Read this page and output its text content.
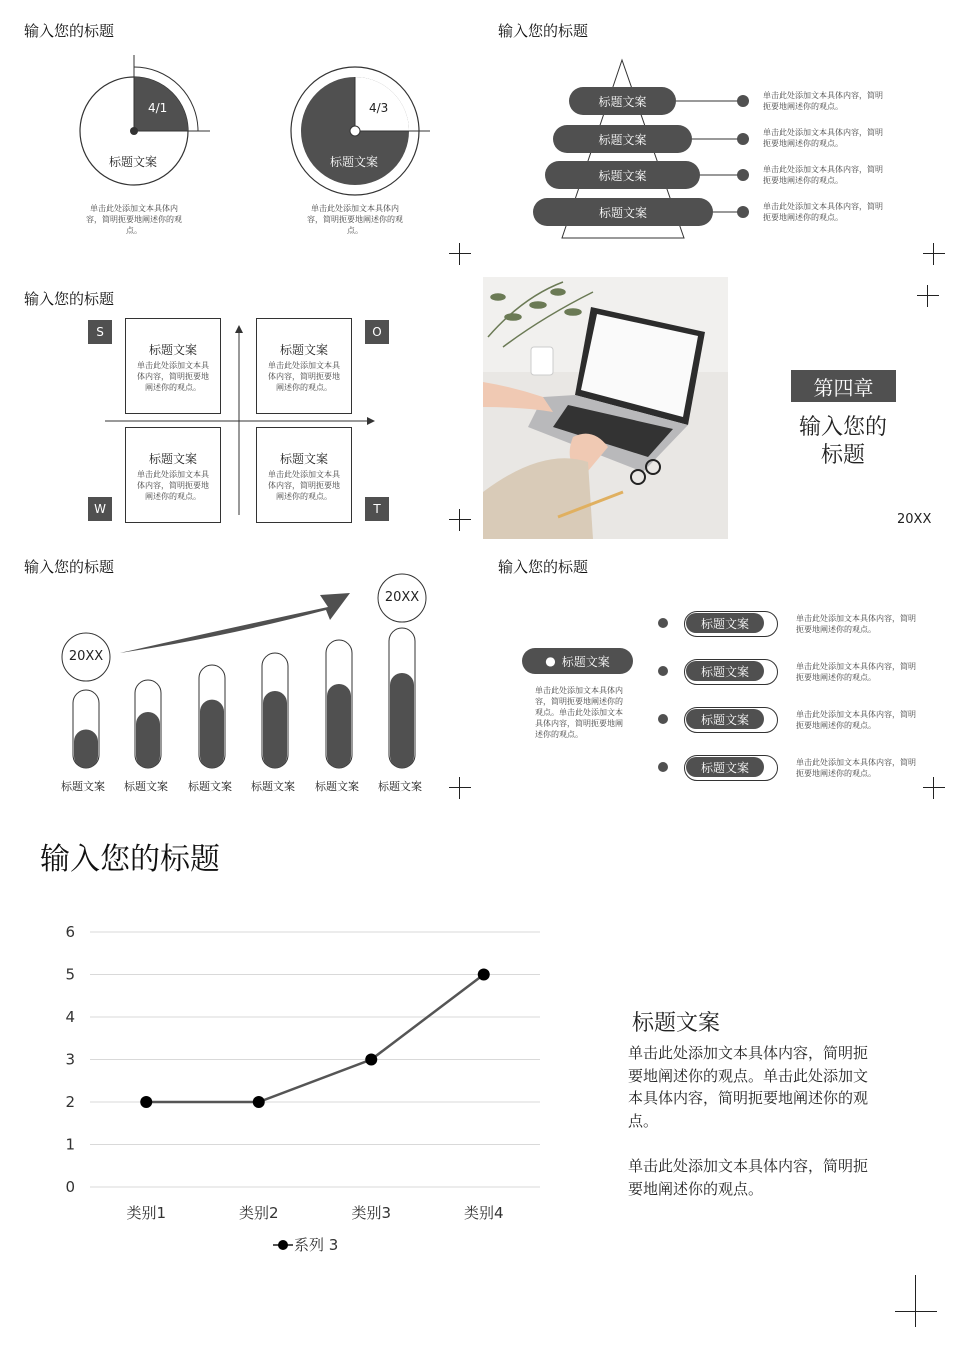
输入您的标题
4/1
标题文案
单击此处添加文本具体内容，简明扼要地阐述你的观点。
4/3
标题文案
单击此处添加文本具体内容，简明扼要地阐述你的观点。
输入您的标题
标题文案
标题文案
标题文案
标题文案
单击此处添加文本具体内容，简明扼要地阐述你的观点。
单击此处添加文本具体内容，简明扼要地阐述你的观点。
单击此处添加文本具体内容，简明扼要地阐述你的观点。
单击此处添加文本具体内容，简明扼要地阐述你的观点。
输入您的标题
S	O
W	T
标题文案
单击此处添加文本具体内容，简明扼要地阐述你的观点。
标题文案
单击此处添加文本具体内容，简明扼要地阐述你的观点。
标题文案
单击此处添加文本具体内容，简明扼要地阐述你的观点。
标题文案
单击此处添加文本具体内容，简明扼要地阐述你的观点。
第四章
输入您的
标题
20XX
输入您的标题
20XX
20XX
标题文案	标题文案	标题文案	标题文案	标题文案	标题文案
输入您的标题
● 标题文案
单击此处添加文本具体内容，简明扼要地阐述你的观点。单击此处添加文本具体内容，简明扼要地阐述你的观点。
标题文案
标题文案
标题文案
标题文案
单击此处添加文本具体内容，简明扼要地阐述你的观点。
单击此处添加文本具体内容，简明扼要地阐述你的观点。
单击此处添加文本具体内容，简明扼要地阐述你的观点。
单击此处添加文本具体内容，简明扼要地阐述你的观点。
输入您的标题
0
1
2
3
4
5
6
类别1	类别2	类别3	类别4
系列 3
标题文案
单击此处添加文本具体内容，简明扼要地阐述你的观点。单击此处添加文本具体内容，简明扼要地阐述你的观点。
单击此处添加文本具体内容，简明扼要地阐述你的观点。
